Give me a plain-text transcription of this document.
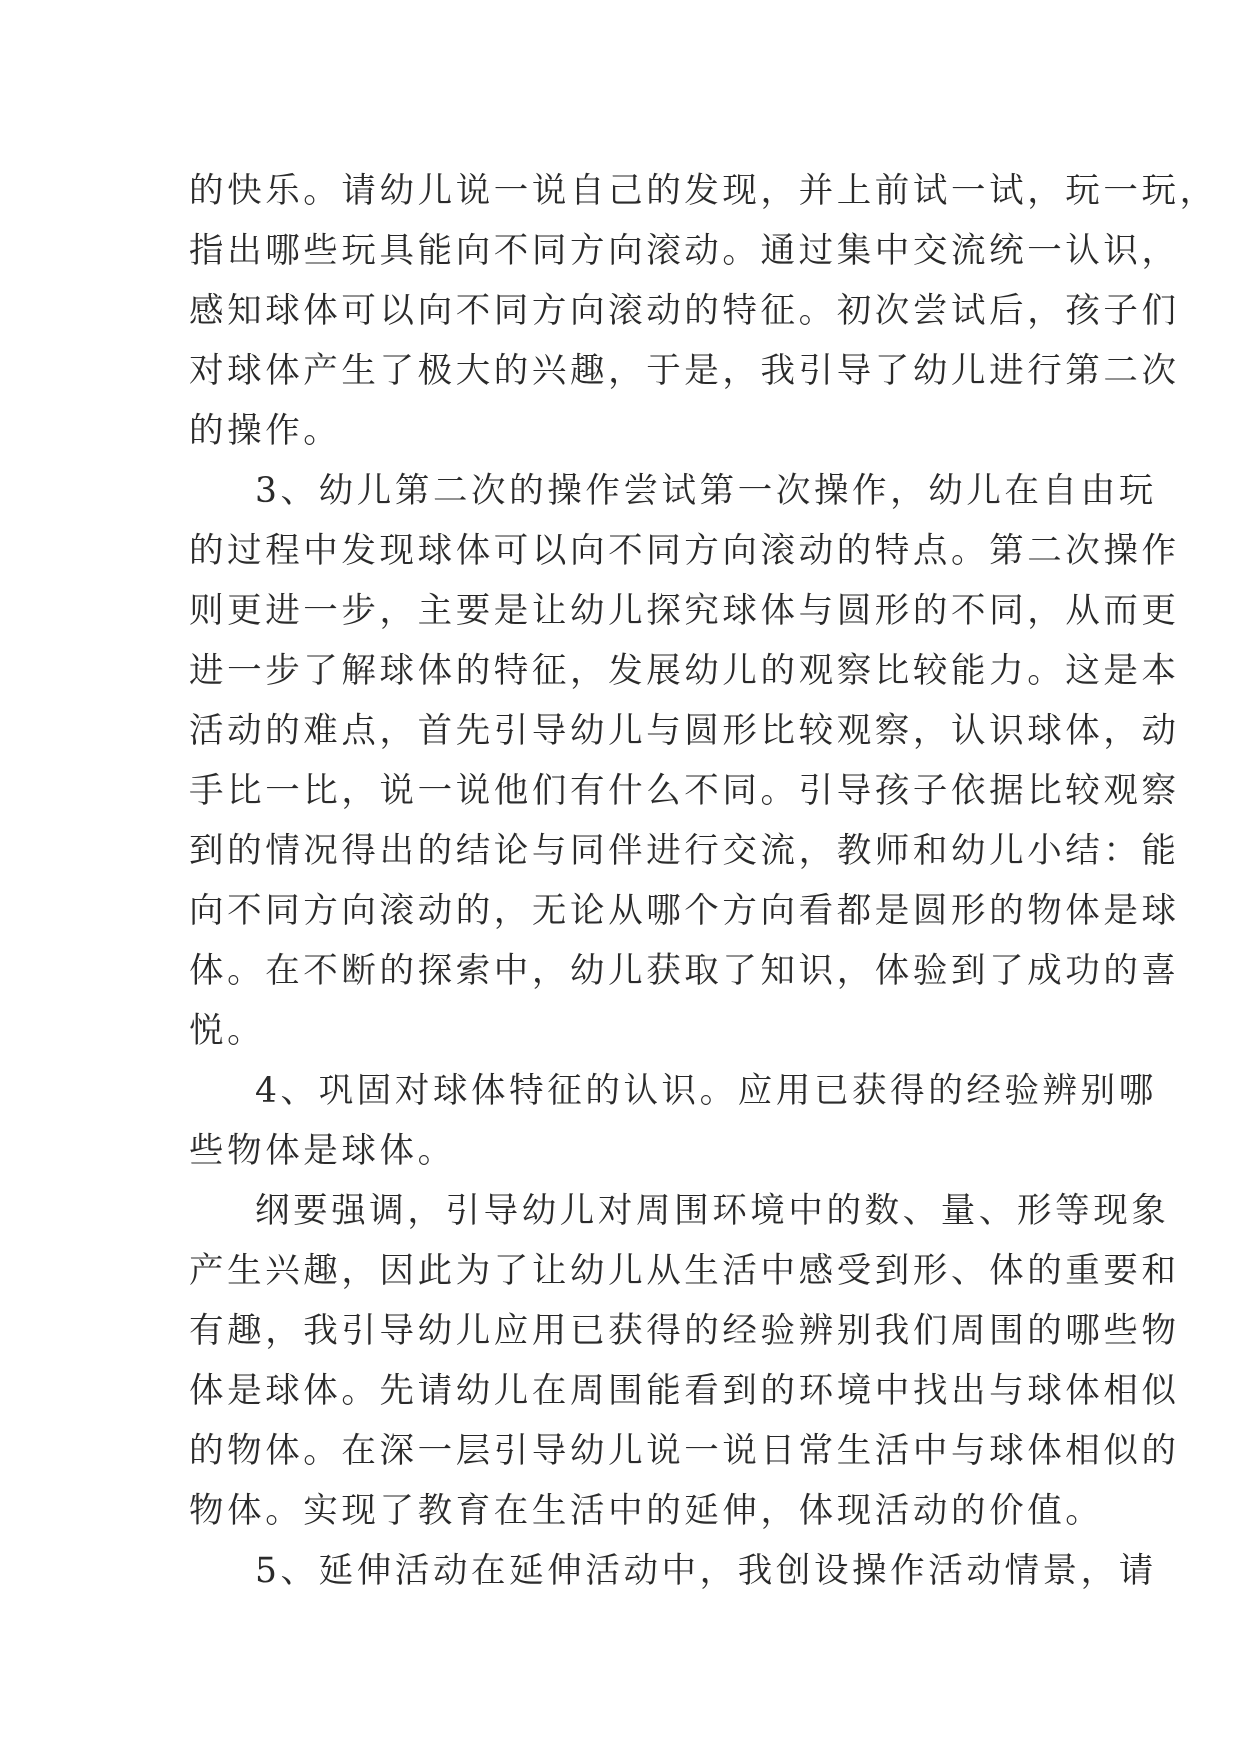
的快乐。请幼儿说一说自己的发现，并上前试一试，玩一玩，
指出哪些玩具能向不同方向滚动。通过集中交流统一认识，
感知球体可以向不同方向滚动的特征。初次尝试后，孩子们
对球体产生了极大的兴趣，于是，我引导了幼儿进行第二次
的操作。
3、幼儿第二次的操作尝试第一次操作，幼儿在自由玩
的过程中发现球体可以向不同方向滚动的特点。第二次操作
则更进一步，主要是让幼儿探究球体与圆形的不同，从而更
进一步了解球体的特征，发展幼儿的观察比较能力。这是本
活动的难点，首先引导幼儿与圆形比较观察，认识球体，动
手比一比，说一说他们有什么不同。引导孩子依据比较观察
到的情况得出的结论与同伴进行交流，教师和幼儿小结：能
向不同方向滚动的，无论从哪个方向看都是圆形的物体是球
体。在不断的探索中，幼儿获取了知识，体验到了成功的喜
悦。
4、巩固对球体特征的认识。应用已获得的经验辨别哪
些物体是球体。
纲要强调，引导幼儿对周围环境中的数、量、形等现象
产生兴趣，因此为了让幼儿从生活中感受到形、体的重要和
有趣，我引导幼儿应用已获得的经验辨别我们周围的哪些物
体是球体。先请幼儿在周围能看到的环境中找出与球体相似
的物体。在深一层引导幼儿说一说日常生活中与球体相似的
物体。实现了教育在生活中的延伸，体现活动的价值。
5、延伸活动在延伸活动中，我创设操作活动情景，请
